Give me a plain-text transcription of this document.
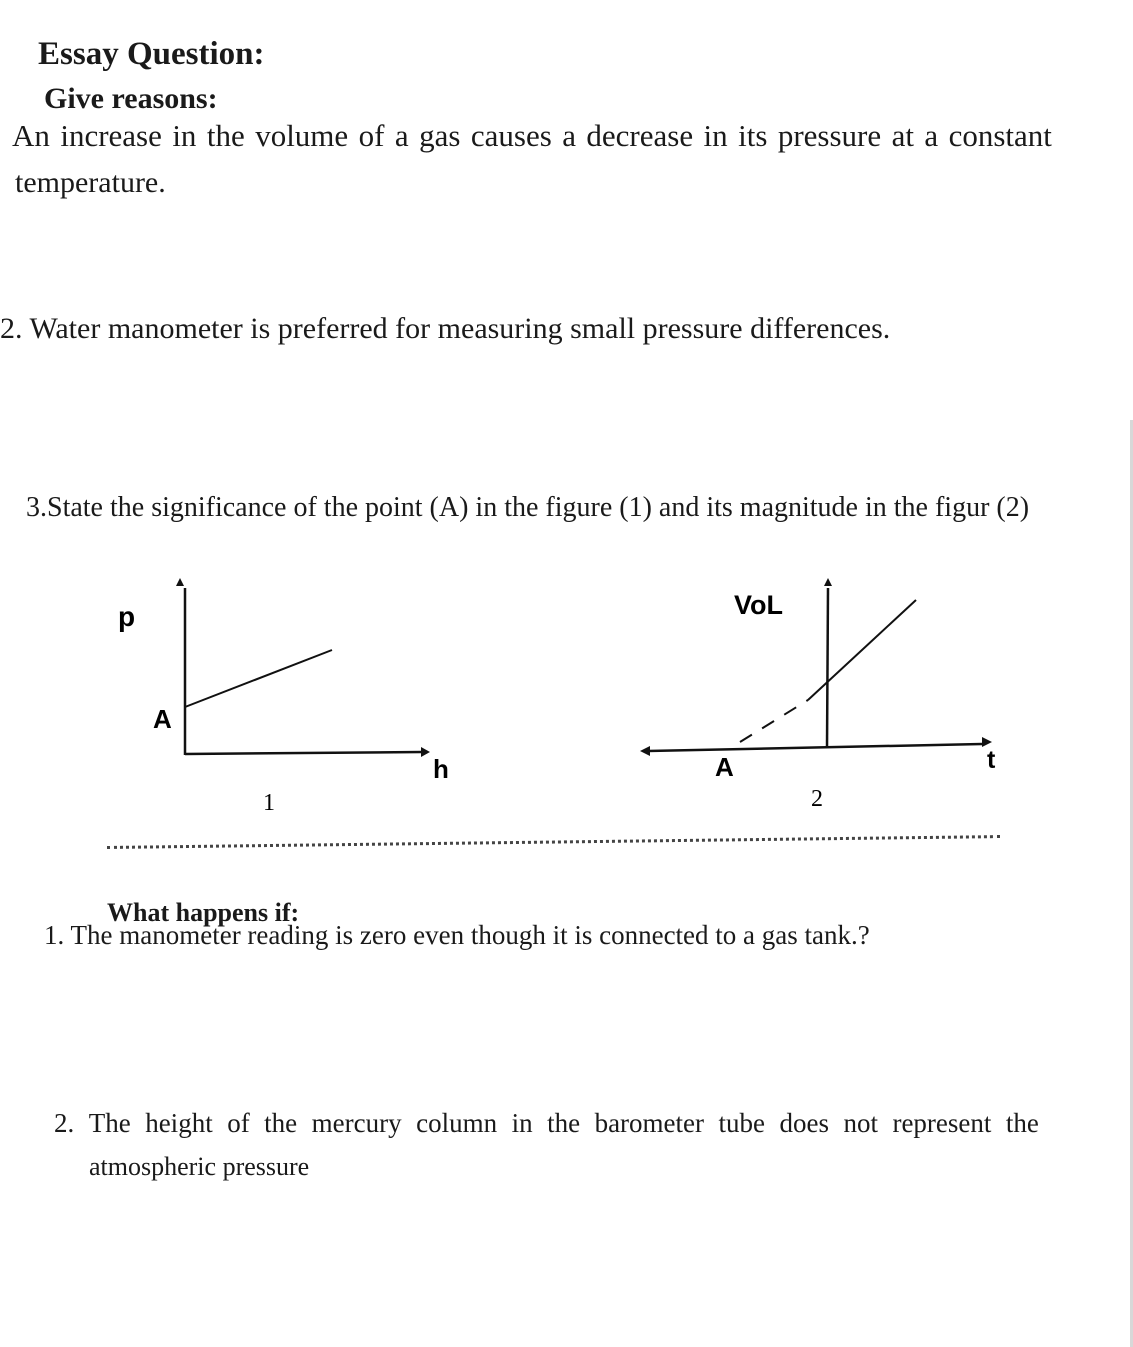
Essay Question:
Give reasons:
An increase in the volume of a gas causes a decrease in its pressure at a constant
temperature.
2. Water manometer is preferred for measuring small pressure differences.
3.State the significance of the point (A) in the figure (1) and its magnitude in the figur (2)
p
h
A
1
VoL
t
A
2
What happens if:
1. The manometer reading is zero even though it is connected to a gas tank.?
2. The height of the mercury column in the barometer tube does not represent the
atmospheric pressure
